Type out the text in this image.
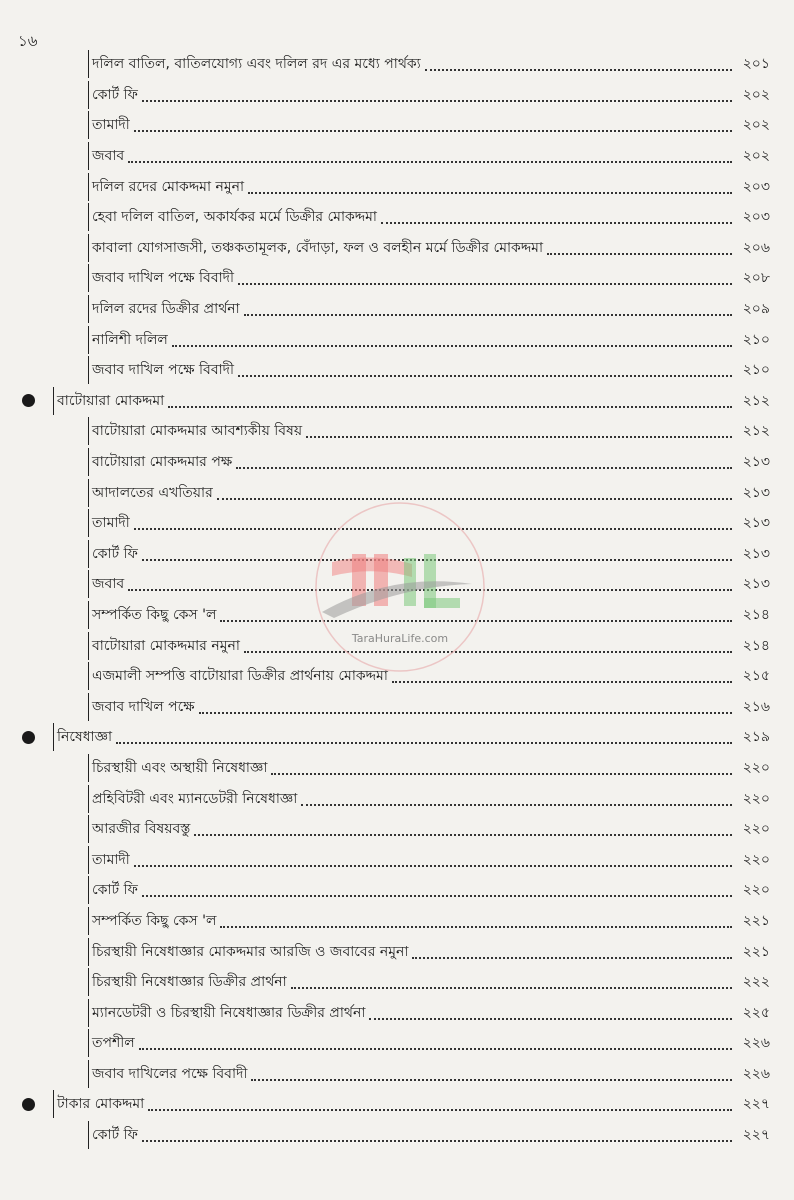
১৬
দলিল বাতিল, বাতিলযোগ্য এবং দলিল রদ এর মধ্যে পার্থক্য	২০১
কোর্ট ফি	২০২
তামাদী	২০২
জবাব	২০২
দলিল রদের মোকদ্দমা নমুনা	২০৩
হেবা দলিল বাতিল, অকার্যকর মর্মে ডিক্রীর মোকদ্দমা	২০৩
কাবালা যোগসাজসী, তঞ্চকতামূলক, বেঁদাড়া, ফল ও বলহীন মর্মে ডিক্রীর মোকদ্দমা	২০৬
জবাব দাখিল পক্ষে বিবাদী	২০৮
দলিল রদের ডিক্রীর প্রার্থনা	২০৯
নালিশী দলিল	২১০
জবাব দাখিল পক্ষে বিবাদী	২১০
বাটোয়ারা মোকদ্দমা	২১২
বাটোয়ারা মোকদ্দমার আবশ্যকীয় বিষয়	২১২
বাটোয়ারা মোকদ্দমার পক্ষ	২১৩
আদালতের এখতিয়ার	২১৩
তামাদী	২১৩
কোর্ট ফি	২১৩
জবাব	২১৩
সম্পর্কিত কিছু কেস 'ল	২১৪
বাটোয়ারা মোকদ্দমার নমুনা	২১৪
এজমালী সম্পত্তি বাটোয়ারা ডিক্রীর প্রার্থনায় মোকদ্দমা	২১৫
জবাব দাখিল পক্ষে	২১৬
নিষেধাজ্ঞা	২১৯
চিরস্থায়ী এবং অস্থায়ী নিষেধাজ্ঞা	২২০
প্রহিবিটরী এবং ম্যানডেটরী নিষেধাজ্ঞা	২২০
আরজীর বিষয়বস্তু	২২০
তামাদী	২২০
কোর্ট ফি	২২০
সম্পর্কিত কিছু কেস 'ল	২২১
চিরস্থায়ী নিষেধাজ্ঞার মোকদ্দমার আরজি ও জবাবের নমুনা	২২১
চিরস্থায়ী নিষেধাজ্ঞার ডিক্রীর প্রার্থনা	২২২
ম্যানডেটরী ও চিরস্থায়ী নিষেধাজ্ঞার ডিক্রীর প্রার্থনা	২২৫
তপশীল	২২৬
জবাব দাখিলের পক্ষে বিবাদী	২২৬
টাকার মোকদ্দমা	২২৭
কোর্ট ফি	২২৭
TaraHuraLife.com
